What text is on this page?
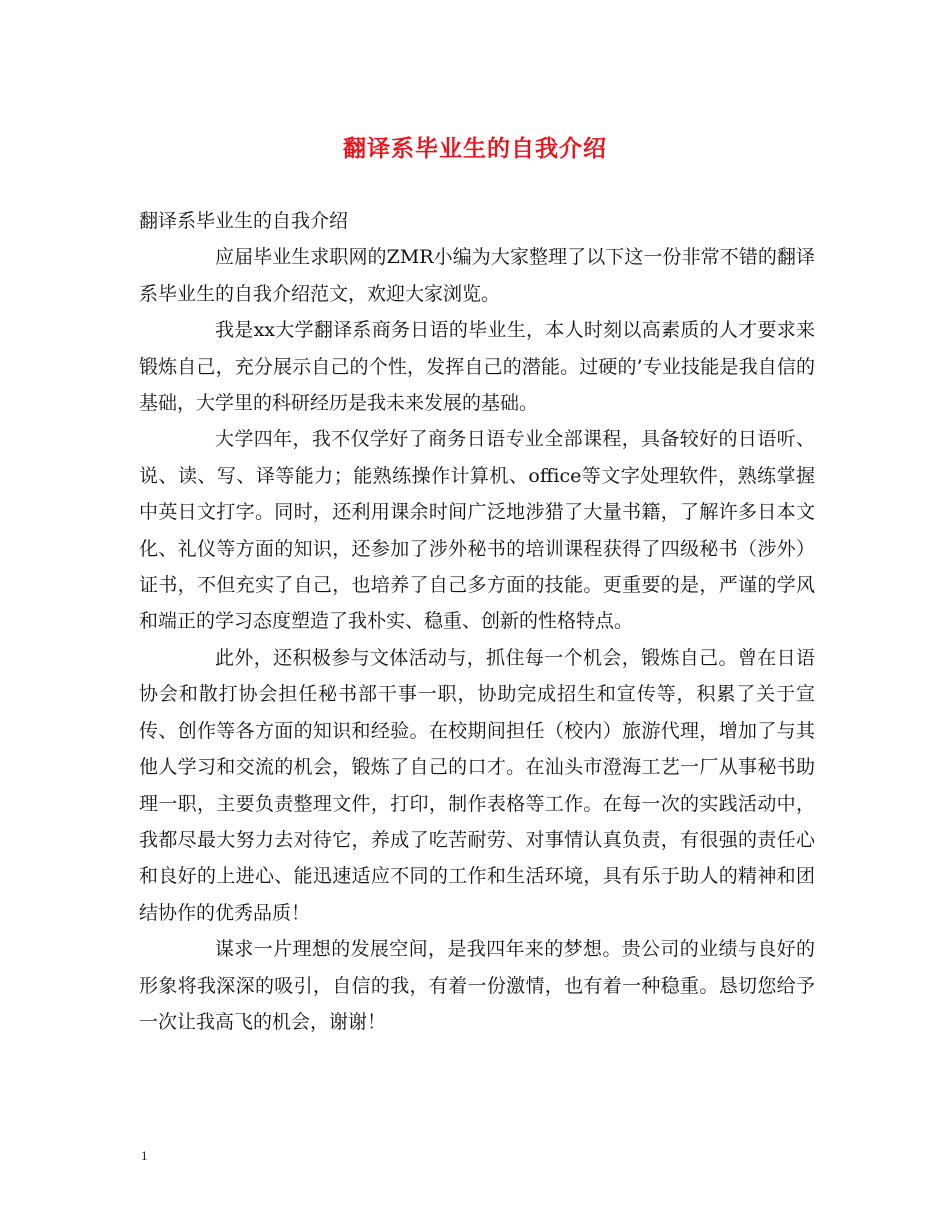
翻译系毕业生的自我介绍

翻译系毕业生的自我介绍

应届毕业生求职网的ZMR小编为大家整理了以下这一份非常不错的翻译系毕业生的自我介绍范文，欢迎大家浏览。

我是xx大学翻译系商务日语的毕业生，本人时刻以高素质的人才要求来锻炼自己，充分展示自己的个性，发挥自己的潜能。过硬的’专业技能是我自信的基础，大学里的科研经历是我未来发展的基础。

大学四年，我不仅学好了商务日语专业全部课程，具备较好的日语听、说、读、写、译等能力；能熟练操作计算机、office等文字处理软件，熟练掌握中英日文打字。同时，还利用课余时间广泛地涉猎了大量书籍，了解许多日本文化、礼仪等方面的知识，还参加了涉外秘书的培训课程获得了四级秘书（涉外）证书，不但充实了自己，也培养了自己多方面的技能。更重要的是，严谨的学风和端正的学习态度塑造了我朴实、稳重、创新的性格特点。

此外，还积极参与文体活动与，抓住每一个机会，锻炼自己。曾在日语协会和散打协会担任秘书部干事一职，协助完成招生和宣传等，积累了关于宣传、创作等各方面的知识和经验。在校期间担任（校内）旅游代理，增加了与其他人学习和交流的机会，锻炼了自己的口才。在汕头市澄海工艺一厂从事秘书助理一职，主要负责整理文件，打印，制作表格等工作。在每一次的实践活动中，我都尽最大努力去对待它，养成了吃苦耐劳、对事情认真负责，有很强的责任心和良好的上进心、能迅速适应不同的工作和生活环境，具有乐于助人的精神和团结协作的优秀品质！

谋求一片理想的发展空间，是我四年来的梦想。贵公司的业绩与良好的形象将我深深的吸引，自信的我，有着一份激情，也有着一种稳重。恳切您给予一次让我高飞的机会，谢谢！

1
